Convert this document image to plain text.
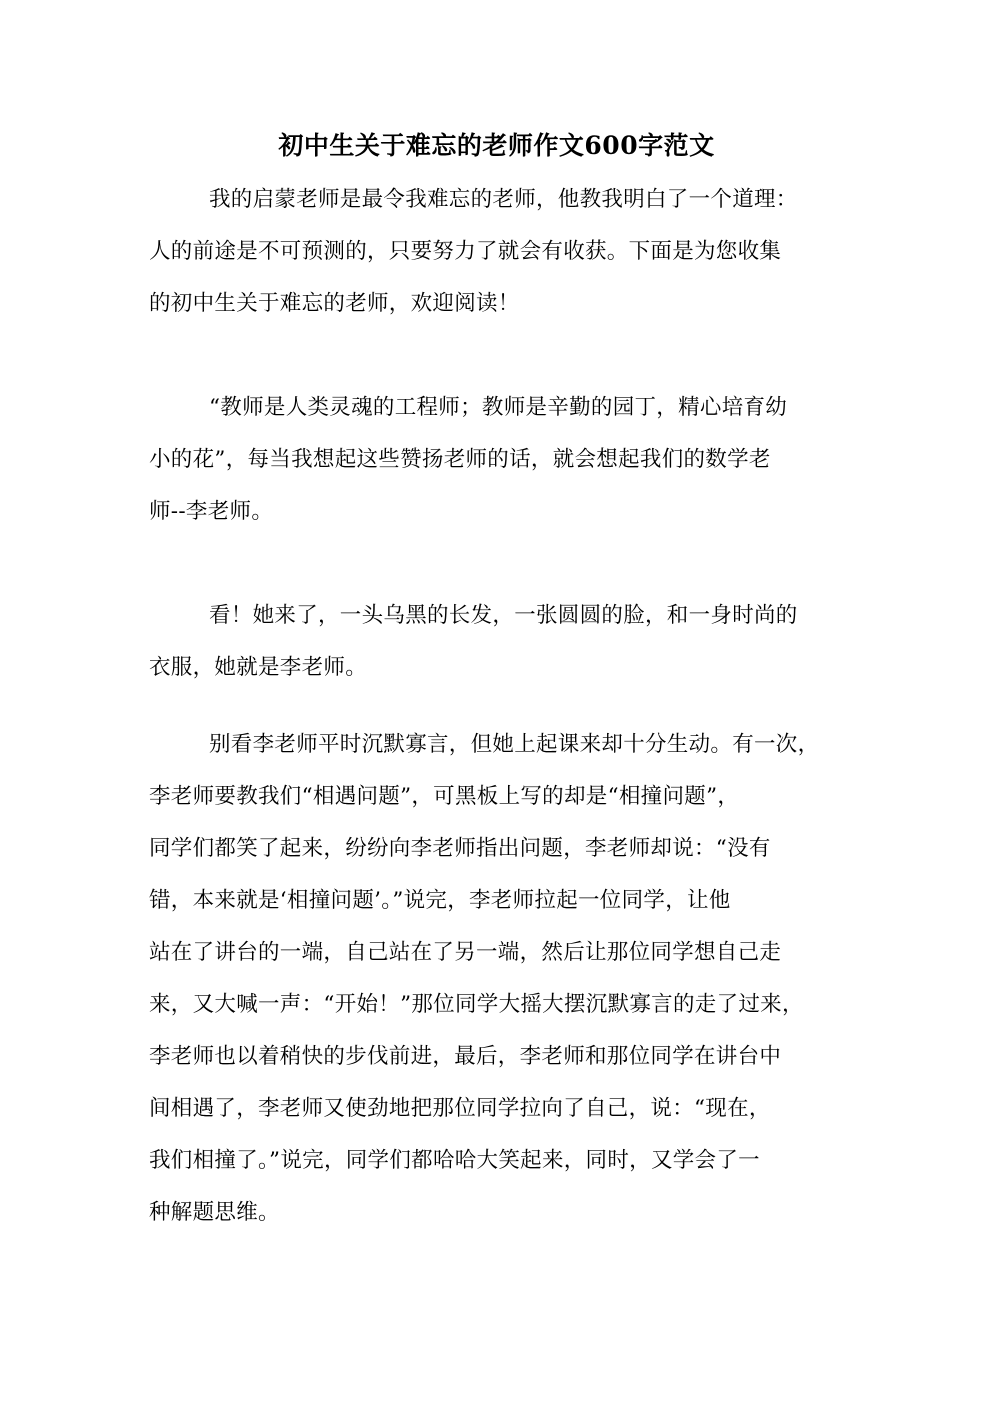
初中生关于难忘的老师作文600字范文
我的启蒙老师是最令我难忘的老师，他教我明白了一个道理：
人的前途是不可预测的，只要努力了就会有收获。下面是为您收集
的初中生关于难忘的老师，欢迎阅读！
“教师是人类灵魂的工程师；教师是辛勤的园丁，精心培育幼
小的花”，每当我想起这些赞扬老师的话，就会想起我们的数学老
师--李老师。
看！她来了，一头乌黑的长发，一张圆圆的脸，和一身时尚的
衣服，她就是李老师。
别看李老师平时沉默寡言，但她上起课来却十分生动。有一次，
李老师要教我们“相遇问题”，可黑板上写的却是“相撞问题”，
同学们都笑了起来，纷纷向李老师指出问题，李老师却说：“没有
错，本来就是‘相撞问题’。”说完，李老师拉起一位同学，让他
站在了讲台的一端，自己站在了另一端，然后让那位同学想自己走
来，又大喊一声：“开始！”那位同学大摇大摆沉默寡言的走了过来，
李老师也以着稍快的步伐前进，最后，李老师和那位同学在讲台中
间相遇了，李老师又使劲地把那位同学拉向了自己，说：“现在，
我们相撞了。”说完，同学们都哈哈大笑起来，同时，又学会了一
种解题思维。
